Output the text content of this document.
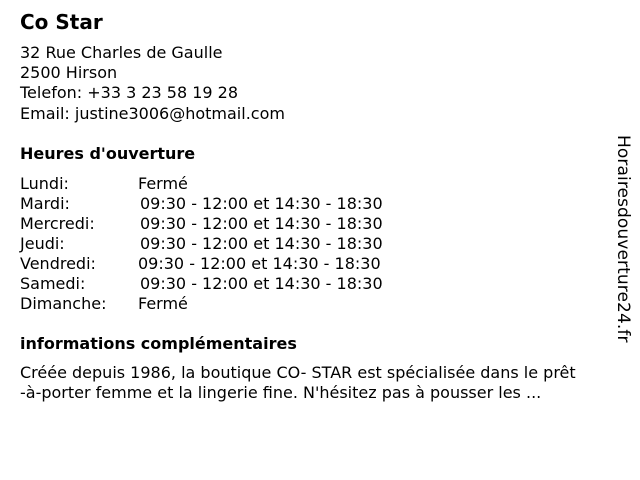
Co Star
32 Rue Charles de Gaulle
2500 Hirson
Telefon: +33 3 23 58 19 28
Email: justine3006@hotmail.com
Heures d'ouverture
Lundi:	Fermé
Mardi:	09:30 - 12:00 et 14:30 - 18:30
Mercredi:	09:30 - 12:00 et 14:30 - 18:30
Jeudi:	09:30 - 12:00 et 14:30 - 18:30
Vendredi:	09:30 - 12:00 et 14:30 - 18:30
Samedi:	09:30 - 12:00 et 14:30 - 18:30
Dimanche:	Fermé
informations complémentaires

Créée depuis 1986, la boutique CO- STAR est spécialisée dans le prêt
-à-porter femme et la lingerie fine. N'hésitez pas à pousser les ...

Horairesdouverture24.fr
